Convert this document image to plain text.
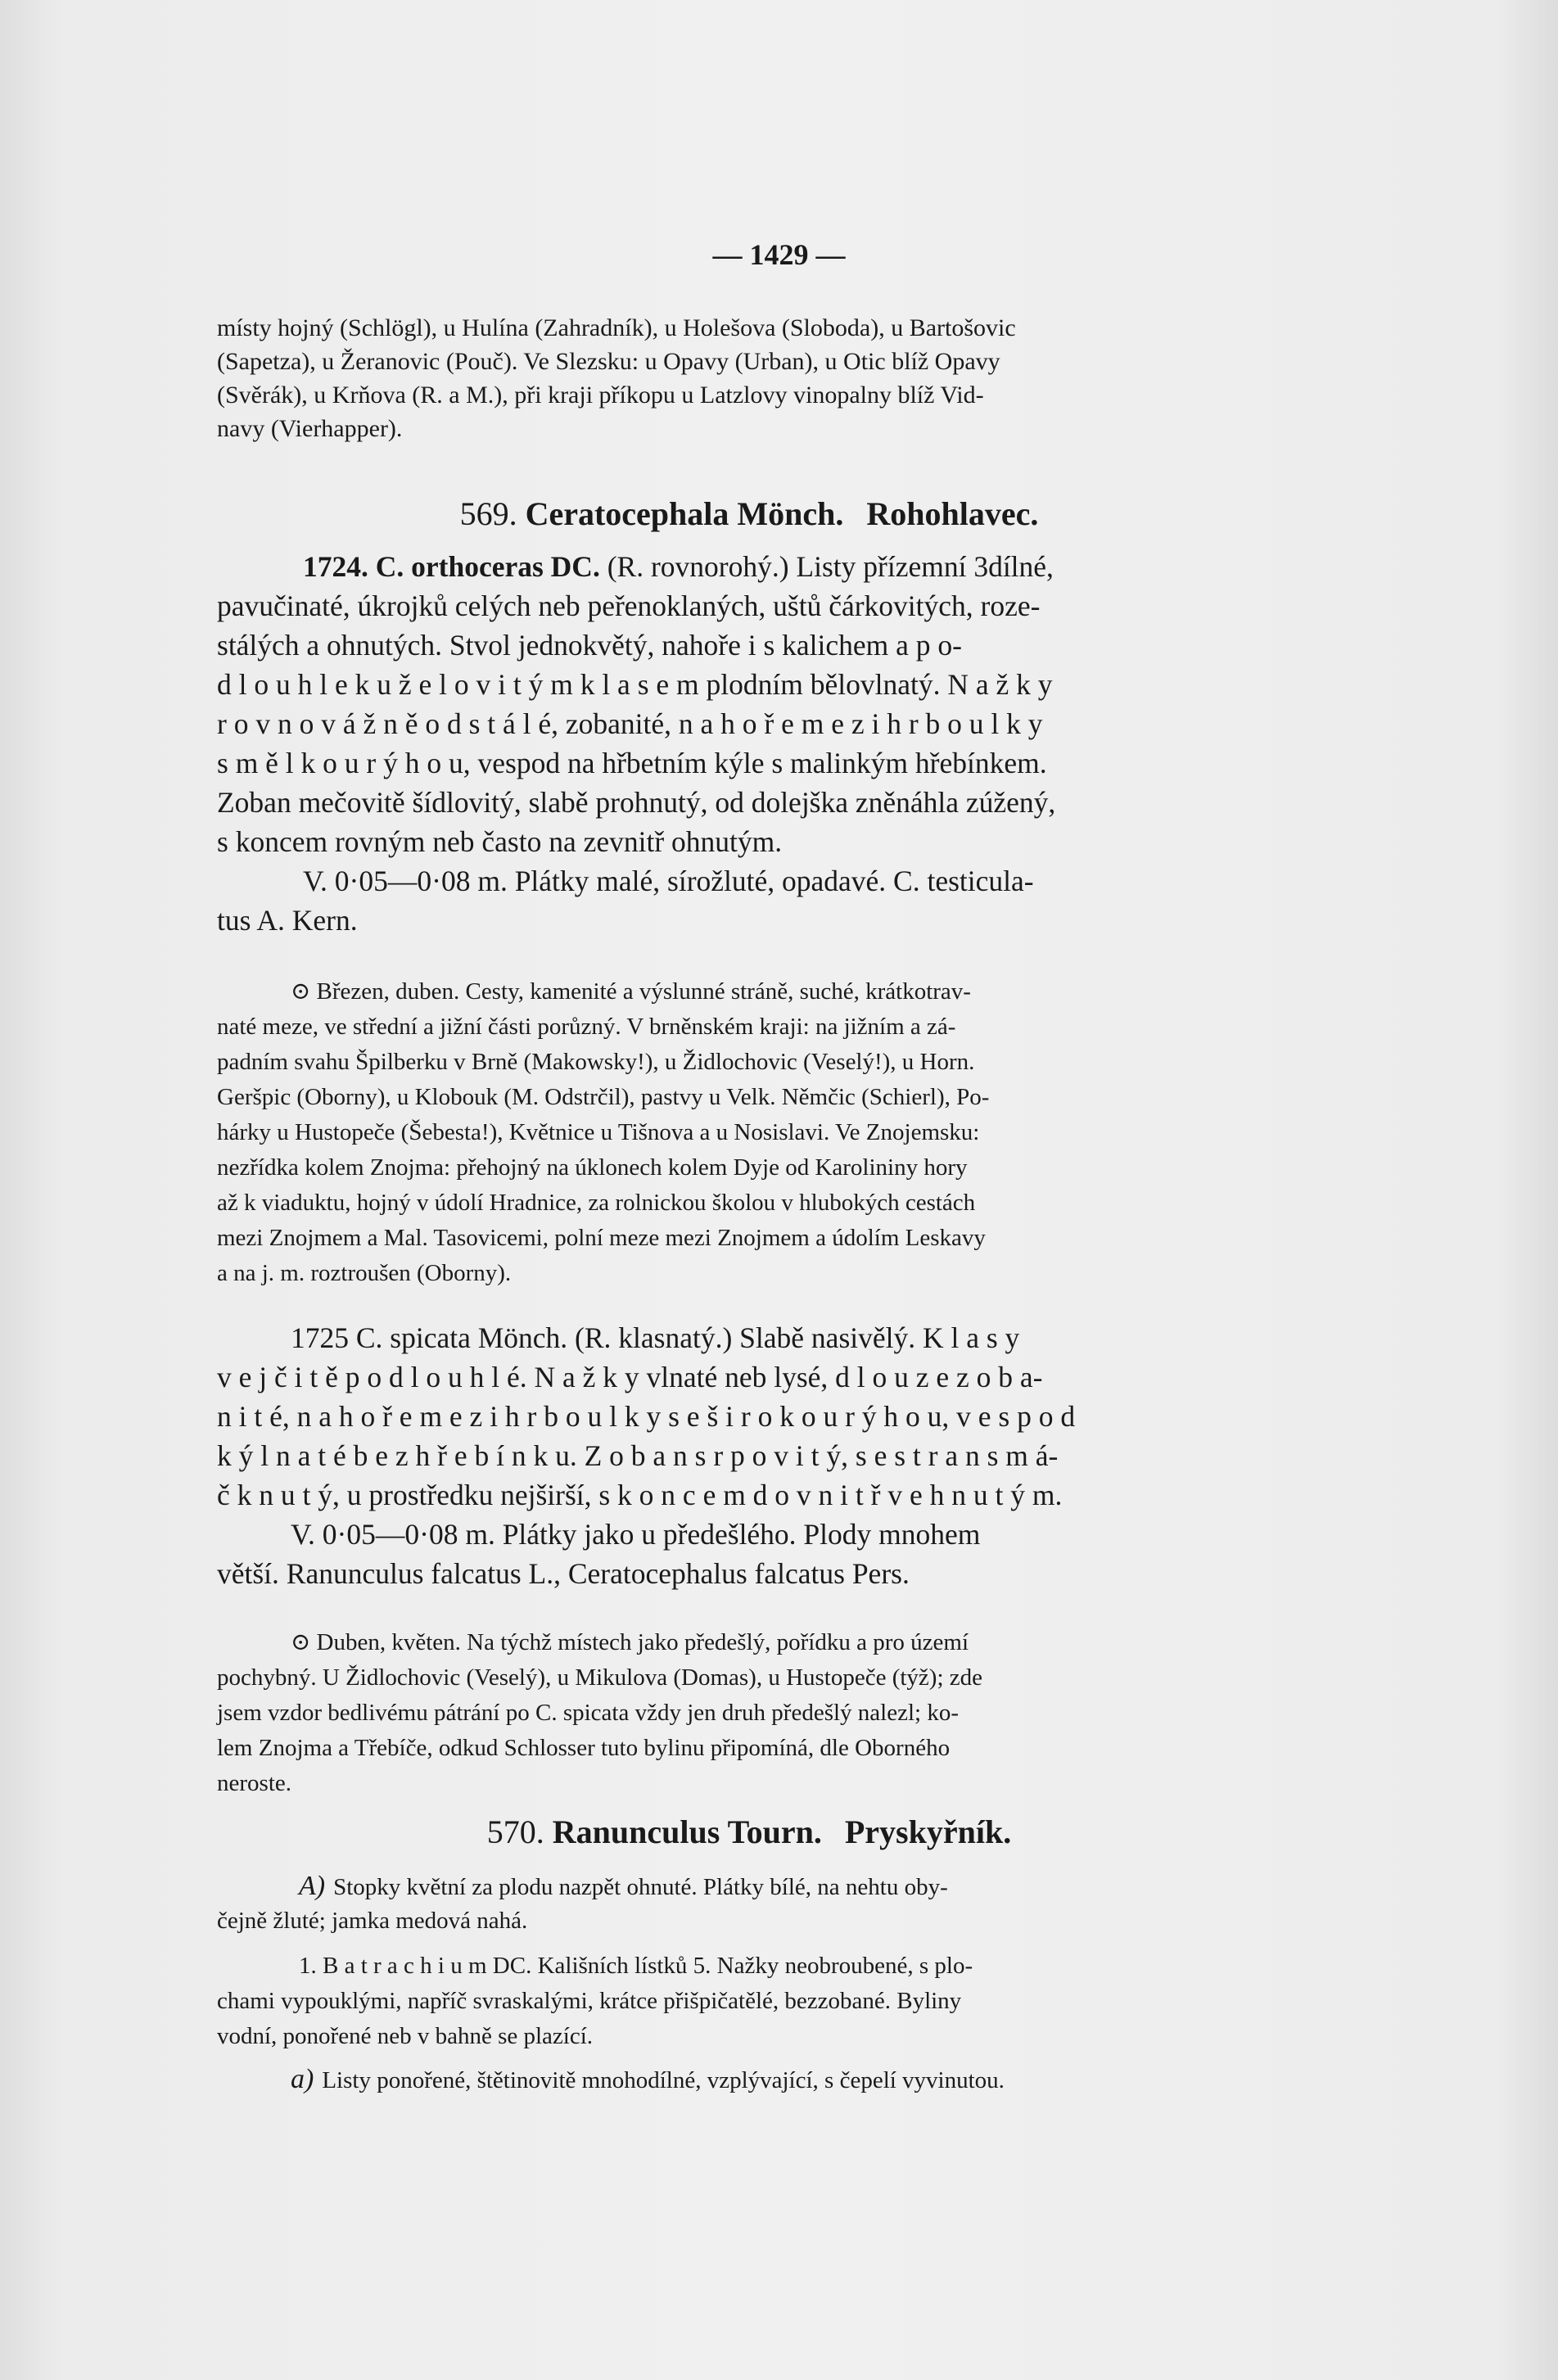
— 1429 —
místy hojný (Schlögl), u Hulína (Zahradník), u Holešova (Sloboda), u Bartošovic
(Sapetza), u Žeranovic (Pouč). Ve Slezsku: u Opavy (Urban), u Otic blíž Opavy
(Svěrák), u Krňova (R. a M.), při kraji příkopu u Latzlovy vinopalny blíž Vid-
navy (Vierhapper).
569. Ceratocephala Mönch. Rohohlavec.
1724. C. orthoceras DC. (R. rovnorohý.) Listy přízemní 3dílné,
pavučinaté, úkrojků celých neb peřenoklaných, uštů čárkovitých, roze-
stálých a ohnutých. Stvol jednokvětý, nahoře i s kalichem a p o-
d l o u h l e k u ž e l o v i t ý m k l a s e m plodním bělovlnatý. N a ž k y
r o v n o v á ž n ě o d s t á l é, zobanité, n a h o ř e m e z i h r b o u l k y
s m ě l k o u r ý h o u, vespod na hřbetním kýle s malinkým hřebínkem.
Zoban mečovitě šídlovitý, slabě prohnutý, od dolejška zněnáhla zúžený,
s koncem rovným neb často na zevnitř ohnutým.
V. 0·05—0·08 m. Plátky malé, sírožluté, opadavé. C. testicula-
tus A. Kern.
⊙ Březen, duben. Cesty, kamenité a výslunné stráně, suché, krátkotrav-
naté meze, ve střední a jižní části porůzný. V brněnském kraji: na jižním a zá-
padním svahu Špilberku v Brně (Makowsky!), u Židlochovic (Veselý!), u Horn.
Geršpic (Oborny), u Klobouk (M. Odstrčil), pastvy u Velk. Němčic (Schierl), Po-
hárky u Hustopeče (Šebesta!), Květnice u Tišnova a u Nosislavi. Ve Znojemsku:
nezřídka kolem Znojma: přehojný na úklonech kolem Dyje od Karolininy hory
až k viaduktu, hojný v údolí Hradnice, za rolnickou školou v hlubokých cestách
mezi Znojmem a Mal. Tasovicemi, polní meze mezi Znojmem a údolím Leskavy
a na j. m. roztroušen (Oborny).
1725 C. spicata Mönch. (R. klasnatý.) Slabě nasivělý. K l a s y
v e j č i t ě p o d l o u h l é. N a ž k y vlnaté neb lysé, d l o u z e z o b a-
n i t é, n a h o ř e m e z i h r b o u l k y s e š i r o k o u r ý h o u, v e s p o d
k ý l n a t é b e z h ř e b í n k u. Z o b a n s r p o v i t ý, s e s t r a n s m á-
č k n u t ý, u prostředku nejširší, s k o n c e m d o v n i t ř v e h n u t ý m.
V. 0·05—0·08 m. Plátky jako u předešlého. Plody mnohem
větší. Ranunculus falcatus L., Ceratocephalus falcatus Pers.
⊙ Duben, květen. Na týchž místech jako předešlý, pořídku a pro území
pochybný. U Židlochovic (Veselý), u Mikulova (Domas), u Hustopeče (týž); zde
jsem vzdor bedlivému pátrání po C. spicata vždy jen druh předešlý nalezl; ko-
lem Znojma a Třebíče, odkud Schlosser tuto bylinu připomíná, dle Oborného
neroste.
570. Ranunculus Tourn. Pryskyřník.
A) Stopky květní za plodu nazpět ohnuté. Plátky bílé, na nehtu oby-
čejně žluté; jamka medová nahá.
1. B a t r a c h i u m DC. Kališních lístků 5. Nažky neobroubené, s plo-
chami vypouklými, napříč svraskalými, krátce přišpičatělé, bezzobané. Byliny
vodní, ponořené neb v bahně se plazící.
a) Listy ponořené, štětinovitě mnohodílné, vzplývající, s čepelí vyvinutou.
